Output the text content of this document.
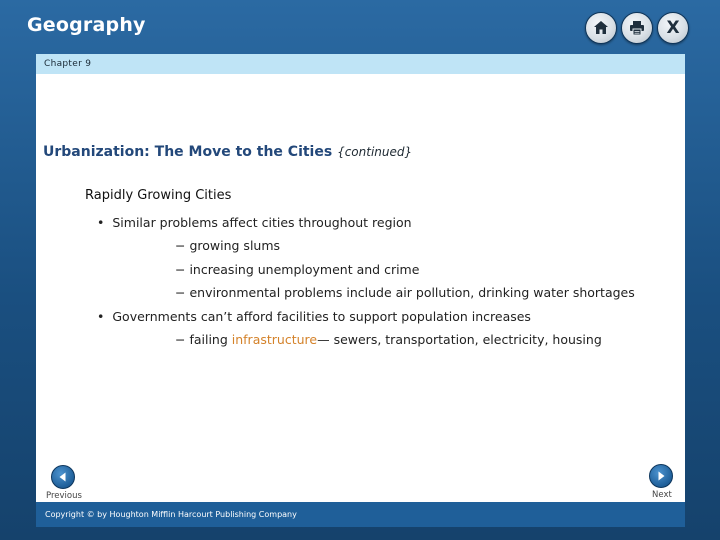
Geography	X
Chapter 9
Urbanization: The Move to the Cities {continued}
Rapidly Growing Cities
• Similar problems affect cities throughout region
− growing slums
− increasing unemployment and crime
− environmental problems include air pollution, drinking water shortages
• Governments can’t afford facilities to support population increases
− failing infrastructure— sewers, transportation, electricity, housing
Previous	Next
Copyright © by Houghton Mifflin Harcourt Publishing Company
